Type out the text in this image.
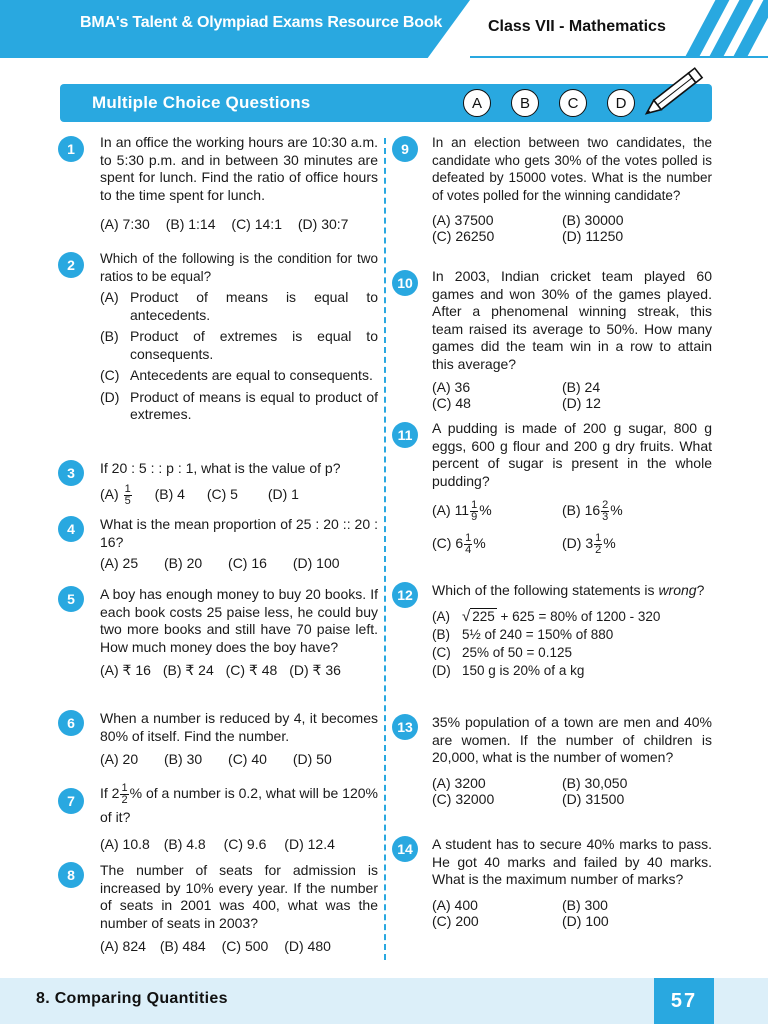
BMA's Talent & Olympiad Exams Resource Book	Class VII - Mathematics
Multiple Choice Questions	A	B	C	D
1	In an office the working hours are 10:30 a.m. to 5:30 p.m. and in between 30 minutes are spent for lunch. Find the ratio of office hours to the time spent for lunch.
(A) 7:30 (B) 1:14 (C) 14:1 (D) 30:7
2	Which of the following is the condition for two ratios to be equal?
(A) Product of means is equal to antecedents.
(B) Product of extremes is equal to consequents.
(C) Antecedents are equal to consequents.
(D) Product of means is equal to product of extremes.
3	If 20 : 5 : : p : 1, what is the value of p?
$(A) \frac{1}{5} (B)$ 4 (C) 5 (D) 1
4	What is the mean proportion of 25 : 20 :: 20 : 16?
(A) 25 (B) 20 (C) 16 (D) 100
5	A boy has enough money to buy 20 books. If each book costs 25 paise less, he could buy two more books and still have 70 paise left. How much money does the boy have?
(A) ₹ 16 (B) ₹ 24 (C) ₹ 48 (D) ₹ 36
6	When a number is reduced by 4, it becomes 80% of itself. Find the number.
(A) 20 (B) 30 (C) 40 (D) 50
7	If $2 \frac{1}{2}$ % of a number is 0.2, what will be 120% of it?
(A) 10.8 (B) 4.8 (C) 9.6 (D) 12.4
8	The number of seats for admission is increased by 10% every year. If the number of seats in 2001 was 400, what was the number of seats in 2003?
(A) 824 (B) 484 (C) 500 (D) 480
9	In an election between two candidates, the candidate who gets 30% of the votes polled is defeated by 15000 votes. What is the number of votes polled for the winning candidate?
(A) 37500	(B) 30000
(C) 26250	(D) 11250
10	In 2003, Indian cricket team played 60 games and won 30% of the games played. After a phenomenal winning streak, this team raised its average to 50%. How many games did the team win in a row to attain this average?
(A) 36	(B) 24
(C) 48	(D) 12
11	A pudding is made of 200 g sugar, 800 g eggs, 600 g flour and 200 g dry fruits. What percent of sugar is present in the whole pudding?
(A) $11 \frac{1}{9}$ %	(B) $16 \frac{2}{3}$ %
(C) $6 \frac{1}{4}$ %	(D) $3 \frac{1}{2}$ %
12	Which of the following statements is wrong?
(A) √ 225 + 625 = 80% of 1200 - 320
(B) 5½ of 240 = 150% of 880
(C) 25% of 50 = 0.125
(D) 150 g is 20% of a kg
13	35% population of a town are men and 40% are women. If the number of children is 20,000, what is the number of women?
(A) 3200	(B) 30,050
(C) 32000	(D) 31500
14	A student has to secure 40% marks to pass. He got 40 marks and failed by 40 marks. What is the maximum number of marks?
(A) 400	(B) 300
(C) 200	(D) 100
8. Comparing Quantities	57
